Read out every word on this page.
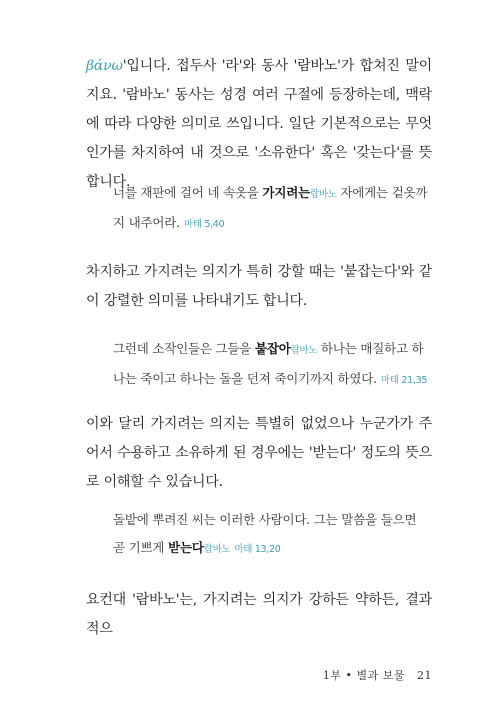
βάνω'입니다. 접두사 '라'와 동사 '람바노'가 합쳐진 말이지요. '람바노' 동사는 성경 여러 구절에 등장하는데, 맥락에 따라 다양한 의미로 쓰입니다. 일단 기본적으로는 무엇인가를 차지하여 내 것으로 '소유한다' 혹은 '갖는다'를 뜻합니다.

너를 재판에 걸어 네 속옷을 가지려는람바노 자에게는 겉옷까지 내주어라. 마태 5,40

차지하고 가지려는 의지가 특히 강할 때는 '붙잡는다'와 같이 강렬한 의미를 나타내기도 합니다.

그런데 소작인들은 그들을 붙잡아람바노 하나는 매질하고 하나는 죽이고 하나는 돌을 던져 죽이기까지 하였다. 마태 21,35

이와 달리 가지려는 의지는 특별히 없었으나 누군가가 주어서 수용하고 소유하게 된 경우에는 '받는다' 정도의 뜻으로 이해할 수 있습니다.

돌밭에 뿌려진 씨는 이러한 사람이다. 그는 말씀을 들으면 곧 기쁘게 받는다람바노 마태 13,20

요컨대 '람바노'는, 가지려는 의지가 강하든 약하든, 결과적으

1부 • 별과 보물 21
